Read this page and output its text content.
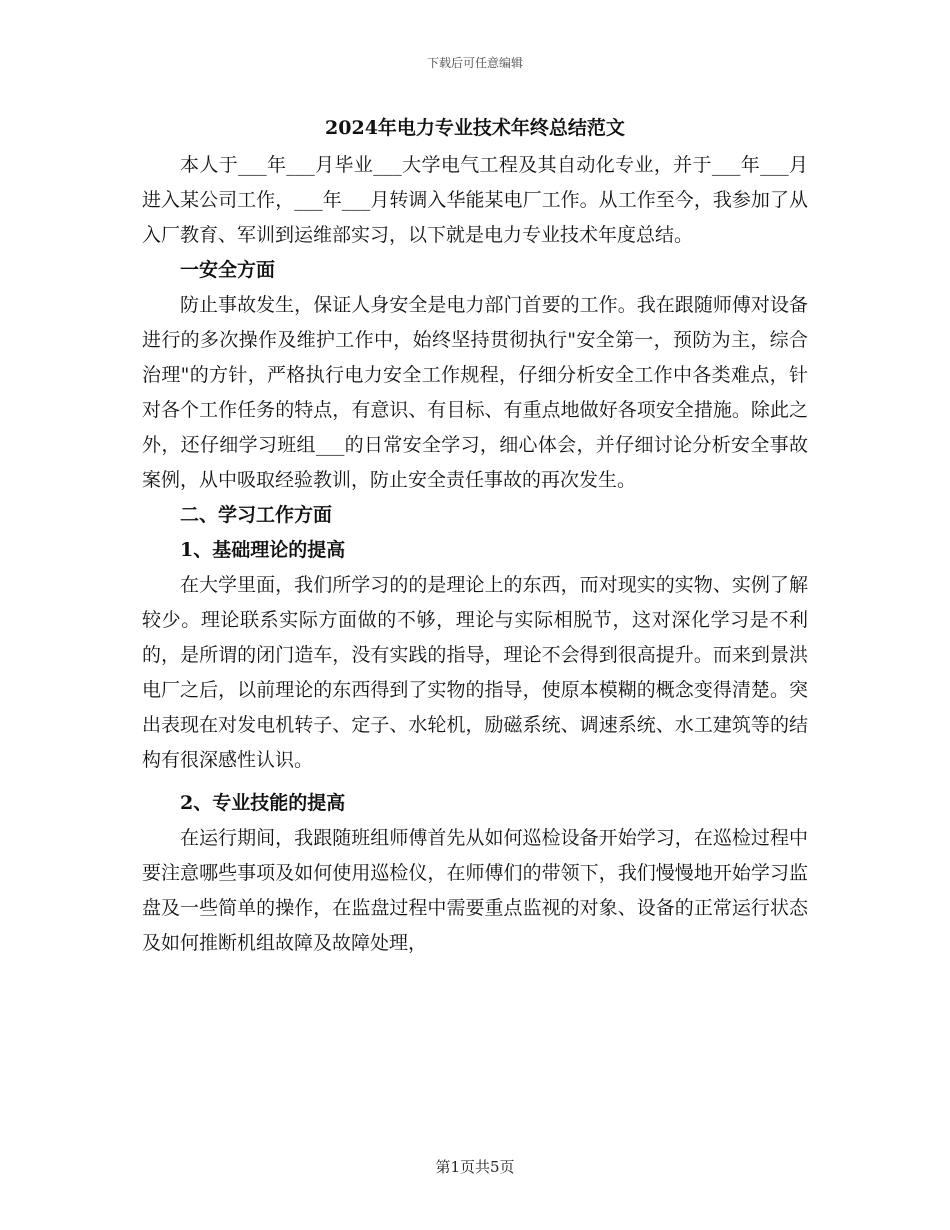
下载后可任意编辑
2024年电力专业技术年终总结范文

本人于___年___月毕业___大学电气工程及其自动化专业，并于___年___月进入某公司工作，___年___月转调入华能某电厂工作。从工作至今，我参加了从入厂教育、军训到运维部实习，以下就是电力专业技术年度总结。

一安全方面

防止事故发生，保证人身安全是电力部门首要的工作。我在跟随师傅对设备进行的多次操作及维护工作中，始终坚持贯彻执行"安全第一，预防为主，综合治理"的方针，严格执行电力安全工作规程，仔细分析安全工作中各类难点，针对各个工作任务的特点，有意识、有目标、有重点地做好各项安全措施。除此之外，还仔细学习班组___的日常安全学习，细心体会，并仔细讨论分析安全事故案例，从中吸取经验教训，防止安全责任事故的再次发生。

二、学习工作方面

1、基础理论的提高

在大学里面，我们所学习的的是理论上的东西，而对现实的实物、实例了解较少。理论联系实际方面做的不够，理论与实际相脱节，这对深化学习是不利的，是所谓的闭门造车，没有实践的指导，理论不会得到很高提升。而来到景洪电厂之后，以前理论的东西得到了实物的指导，使原本模糊的概念变得清楚。突出表现在对发电机转子、定子、水轮机，励磁系统、调速系统、水工建筑等的结构有很深感性认识。

2、专业技能的提高

在运行期间，我跟随班组师傅首先从如何巡检设备开始学习，在巡检过程中要注意哪些事项及如何使用巡检仪，在师傅们的带领下，我们慢慢地开始学习监盘及一些简单的操作，在监盘过程中需要重点监视的对象、设备的正常运行状态及如何推断机组故障及故障处理，

第1页共5页
